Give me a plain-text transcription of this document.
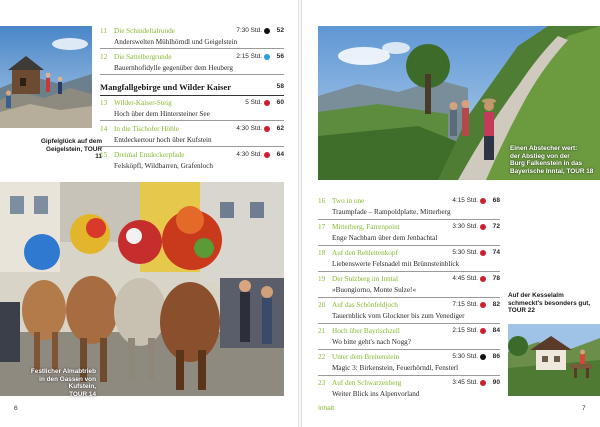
Gipfelglück auf dem
Geigelstein, TOUR 11
Festlicher Almabtrieb
in den Gassen von Kufstein,
TOUR 14
11 Die Schindeltalrunde
Anderswelten Mühlhörndl und Geigelstein
7:30 Std. 52
12 Die Sattelbergrunde
Bauernhofidylle gegenüber dem Heuberg
2:15 Std. 56
Mangfallgebirge und Wilder Kaiser	58
13 Wilder-Kaiser-Steig
Hoch über dem Hintersteiner See
5 Std. 60
14 In die Tischofer Höhle
Entdeckertour hoch über Kufstein
4:30 Std. 62
15 Dreimal Entdeckerpfade
Felsköpfl, Wildbarren, Grafenloch
4:30 Std. 64
6
Einen Abstecher wert:
der Abstieg von der
Burg Falkenstein in das
Bayerische Inntal, TOUR 18
Auf der Kesselalm
schmeckt's besonders gut,
TOUR 22
16 Two in one
Traumpfade – Rampoldplatte, Mitterberg
4:15 Std. 68
17 Mitterberg, Farrenpoint
Enge Nachbarn über dem Jenbachtal
3:30 Std. 72
18 Auf den Rehleitenkopf
Liebenswerte Felsnadel mit Brünnsteinblick
5:30 Std. 74
19 Der Sulzberg im Inntal
»Buongiorno, Monte Sulze!«
4:45 Std. 78
20 Auf das Schönfeldjoch
Tauernblick vom Glockner bis zum Venediger
7:15 Std. 82
21 Hoch über Bayrischzell
Wo bitte geht's nach Nogg?
2:15 Std. 84
22 Unter dem Breitenstein
Magic 3: Birkenstein, Feuerhörndl, Fensterl
5:30 Std. 86
23 Auf den Schwarzenberg
Weiter Blick ins Alpenvorland
3:45 Std. 90
Inhalt	7
